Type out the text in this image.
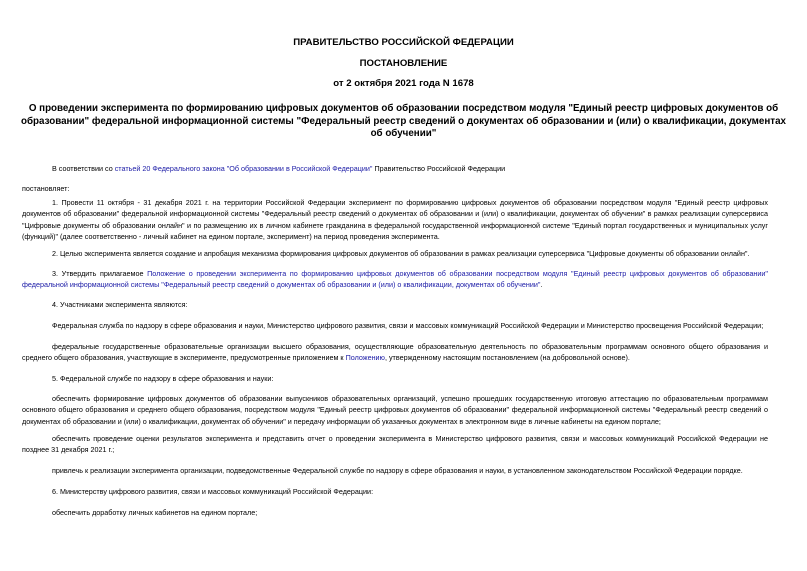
ПРАВИТЕЛЬСТВО РОССИЙСКОЙ ФЕДЕРАЦИИ
ПОСТАНОВЛЕНИЕ
от 2 октября 2021 года N 1678
О проведении эксперимента по формированию цифровых документов об образовании посредством модуля "Единый реестр цифровых документов об образовании" федеральной информационной системы "Федеральный реестр сведений о документах об образовании и (или) о квалификации, документах об обучении"
В соответствии со статьей 20 Федерального закона "Об образовании в Российской Федерации" Правительство Российской Федерации
постановляет:
1. Провести 11 октября - 31 декабря 2021 г. на территории Российской Федерации эксперимент по формированию цифровых документов об образовании посредством модуля "Единый реестр цифровых документов об образовании" федеральной информационной системы "Федеральный реестр сведений о документах об образовании и (или) о квалификации, документах об обучении" в рамках реализации суперсервиса "Цифровые документы об образовании онлайн" и по размещению их в личном кабинете гражданина в федеральной государственной информационной системе "Единый портал государственных и муниципальных услуг (функций)" (далее соответственно - личный кабинет на едином портале, эксперимент) на период проведения эксперимента.
2. Целью эксперимента является создание и апробация механизма формирования цифровых документов об образовании в рамках реализации суперсервиса "Цифровые документы об образовании онлайн".
3. Утвердить прилагаемое Положение о проведении эксперимента по формированию цифровых документов об образовании посредством модуля "Единый реестр цифровых документов об образовании" федеральной информационной системы "Федеральный реестр сведений о документах об образовании и (или) о квалификации, документах об обучении".
4. Участниками эксперимента являются:
Федеральная служба по надзору в сфере образования и науки, Министерство цифрового развития, связи и массовых коммуникаций Российской Федерации и Министерство просвещения Российской Федерации;
федеральные государственные образовательные организации высшего образования, осуществляющие образовательную деятельность по образовательным программам основного общего образования и среднего общего образования, участвующие в эксперименте, предусмотренные приложением к Положению, утвержденному настоящим постановлением (на добровольной основе).
5. Федеральной службе по надзору в сфере образования и науки:
обеспечить формирование цифровых документов об образовании выпускников образовательных организаций, успешно прошедших государственную итоговую аттестацию по образовательным программам основного общего образования и среднего общего образования, посредством модуля "Единый реестр цифровых документов об образовании" федеральной информационной системы "Федеральный реестр сведений о документах об образовании и (или) о квалификации, документах об обучении" и передачу информации об указанных документах в электронном виде в личные кабинеты на едином портале;
обеспечить проведение оценки результатов эксперимента и представить отчет о проведении эксперимента в Министерство цифрового развития, связи и массовых коммуникаций Российской Федерации не позднее 31 декабря 2021 г.;
привлечь к реализации эксперимента организации, подведомственные Федеральной службе по надзору в сфере образования и науки, в установленном законодательством Российской Федерации порядке.
6. Министерству цифрового развития, связи и массовых коммуникаций Российской Федерации:
обеспечить доработку личных кабинетов на едином портале;
